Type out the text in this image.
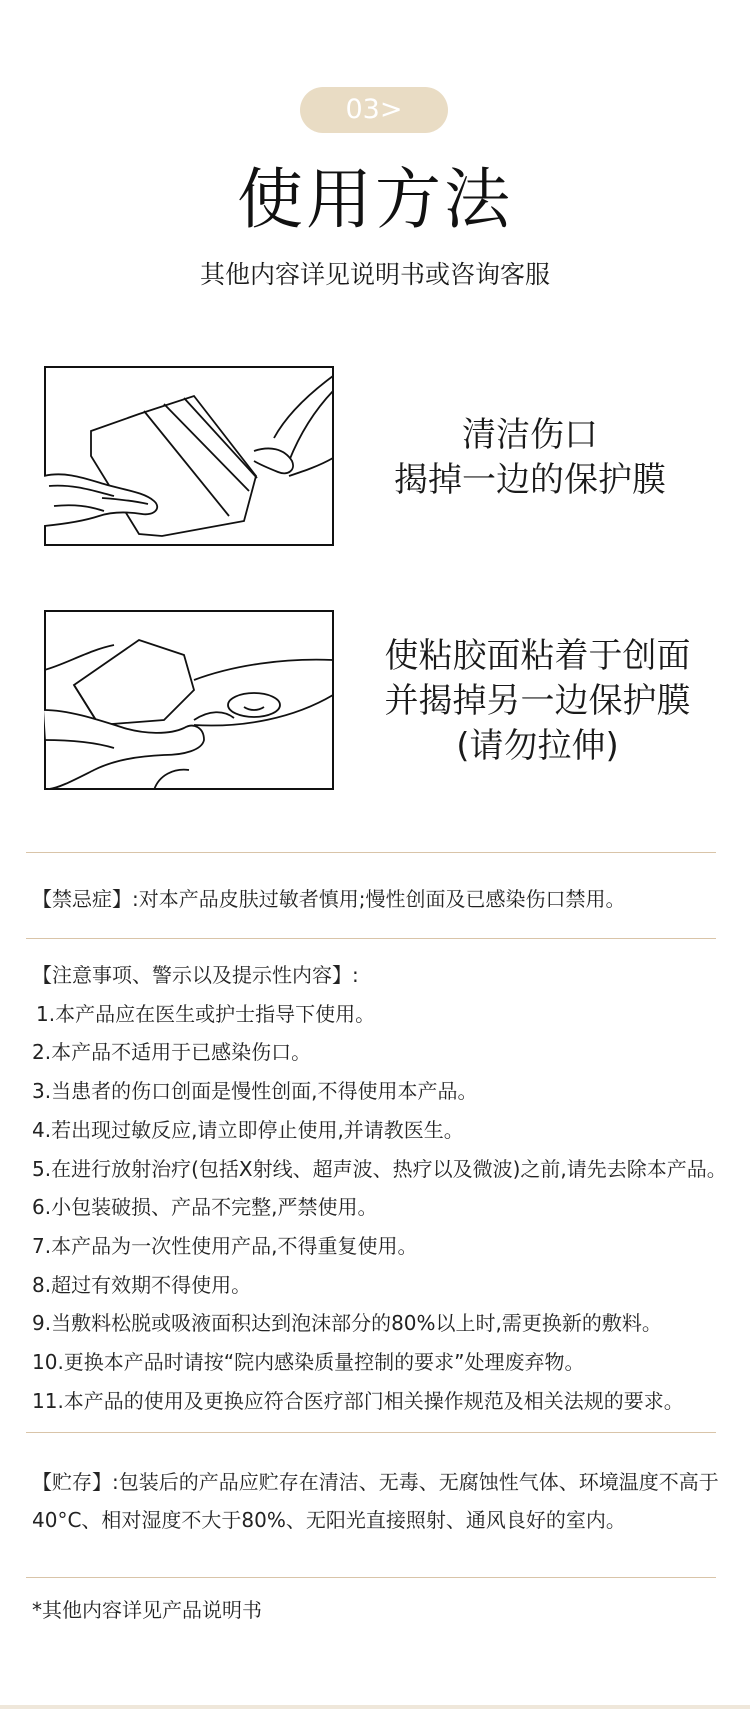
03>
使用方法
其他内容详见说明书或咨询客服
清洁伤口
揭掉一边的保护膜
使粘胶面粘着于创面
并揭掉另一边保护膜
(请勿拉伸)
【禁忌症】:对本产品皮肤过敏者慎用;慢性创面及已感染伤口禁用。
【注意事项、警示以及提示性内容】:
1.本产品应在医生或护士指导下使用。
2.本产品不适用于已感染伤口。
3.当患者的伤口创面是慢性创面,不得使用本产品。
4.若出现过敏反应,请立即停止使用,并请教医生。
5.在进行放射治疗(包括X射线、超声波、热疗以及微波)之前,请先去除本产品。
6.小包装破损、产品不完整,严禁使用。
7.本产品为一次性使用产品,不得重复使用。
8.超过有效期不得使用。
9.当敷料松脱或吸液面积达到泡沫部分的80%以上时,需更换新的敷料。
10.更换本产品时请按“院内感染质量控制的要求”处理废弃物。
11.本产品的使用及更换应符合医疗部门相关操作规范及相关法规的要求。
【贮存】:包装后的产品应贮存在清洁、无毒、无腐蚀性气体、环境温度不高于40°C、相对湿度不大于80%、无阳光直接照射、通风良好的室内。
*其他内容详见产品说明书
